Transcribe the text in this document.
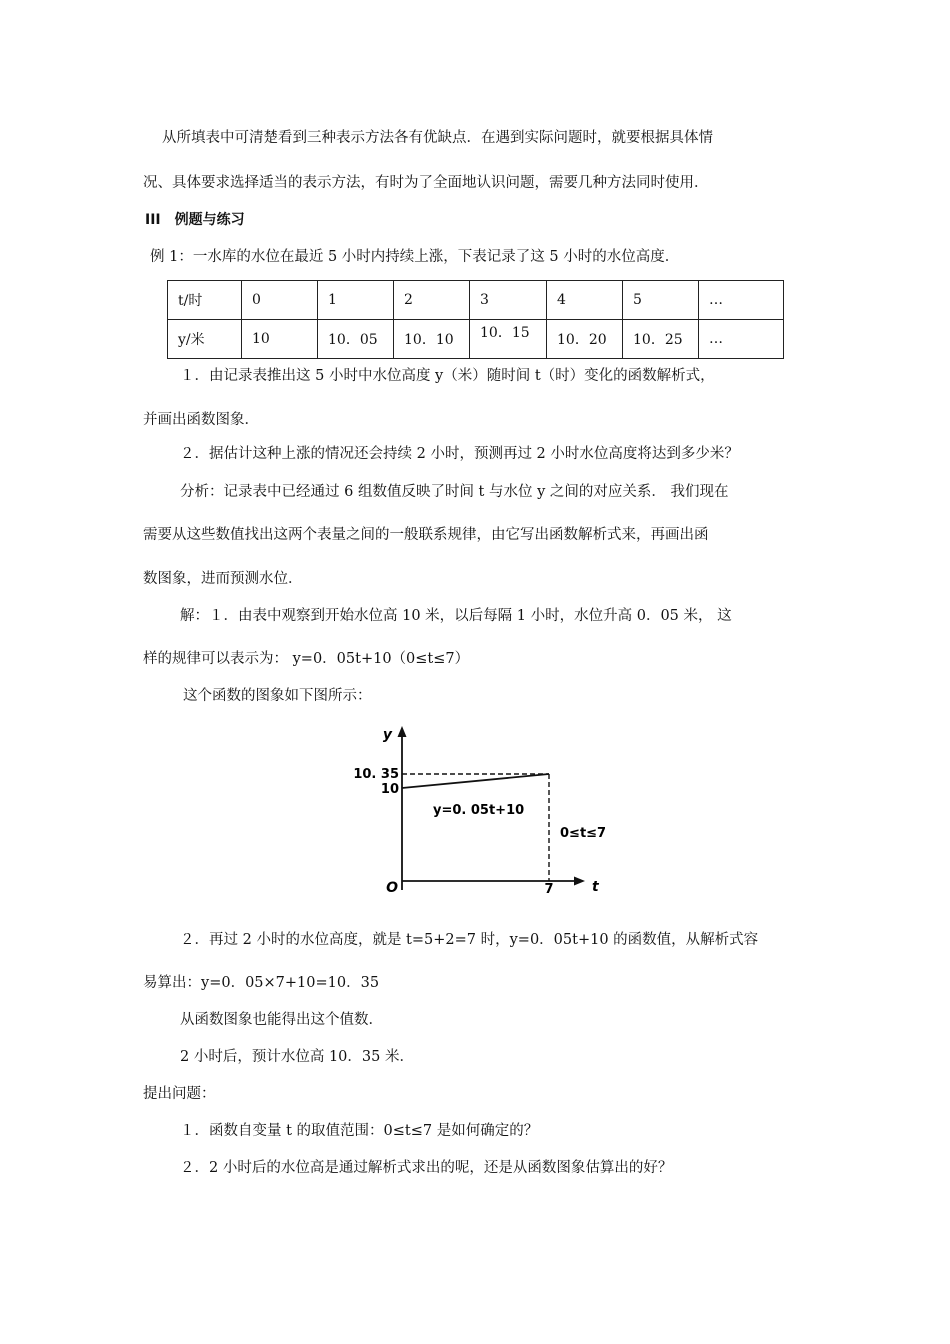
从所填表中可清楚看到三种表示方法各有优缺点．在遇到实际问题时，就要根据具体情
况、具体要求选择适当的表示方法，有时为了全面地认识问题，需要几种方法同时使用．
III　例题与练习
例 1：一水库的水位在最近 5 小时内持续上涨，下表记录了这 5 小时的水位高度．
t/时	0	1	2	3	4	5	…
y/米	10	10．05	10．10	10．15	10．20	10．25	…
１．由记录表推出这 5 小时中水位高度 y（米）随时间 t（时）变化的函数解析式，
并画出函数图象．
２．据估计这种上涨的情况还会持续 2 小时，预测再过 2 小时水位高度将达到多少米？
分析：记录表中已经通过 6 组数值反映了时间 t 与水位 y 之间的对应关系． 我们现在
需要从这些数值找出这两个表量之间的一般联系规律，由它写出函数解析式来，再画出函
数图象，进而预测水位．
解：１．由表中观察到开始水位高 10 米，以后每隔 1 小时，水位升高 0．05 米， 这
样的规律可以表示为： y=0．05t+10（0≤t≤7）
这个函数的图象如下图所示：
y
t
O
10. 35
10
7
y=0. 05t+10
0≤t≤7
２．再过 2 小时的水位高度，就是 t=5+2=7 时，y=0．05t+10 的函数值，从解析式容
易算出：y=0．05×7+10=10．35
从函数图象也能得出这个值数．
2 小时后，预计水位高 10．35 米．
提出问题：
１．函数自变量 t 的取值范围：0≤t≤7 是如何确定的？
２．2 小时后的水位高是通过解析式求出的呢，还是从函数图象估算出的好？
